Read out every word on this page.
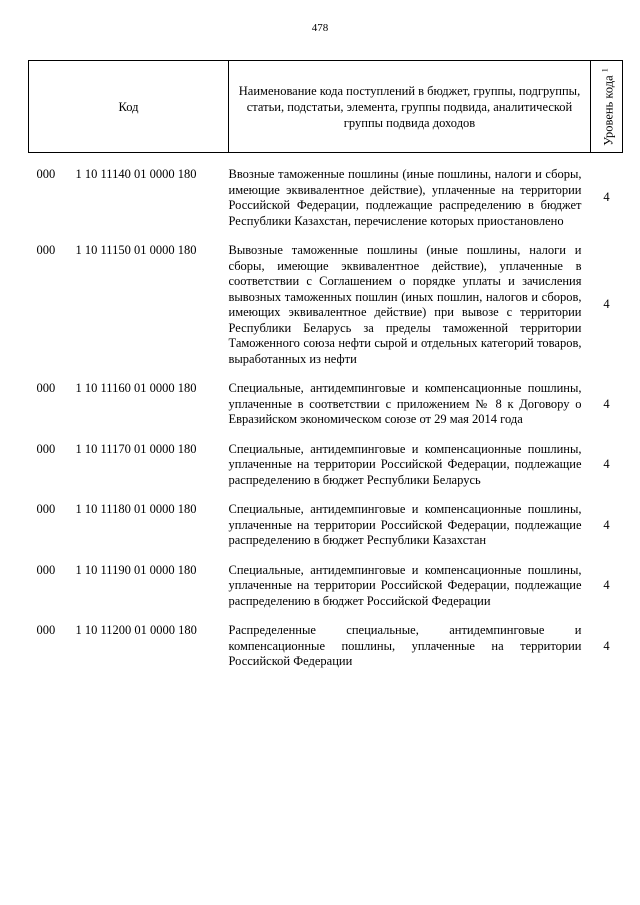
478
Код	Наименование кода поступлений в бюджет, группы, подгруппы, статьи, подстатьи, элемента, группы подвида, аналитической группы подвида доходов	Уровень кода $^1$

000 1 10 11140 01 0000 180	Ввозные таможенные пошлины (иные пошлины, налоги и сборы, имеющие эквивалентное действие), уплаченные на территории Российской Федерации, подлежащие распределению в бюджет Республики Казахстан, перечисление которых приостановлено	4

000 1 10 11150 01 0000 180	Вывозные таможенные пошлины (иные пошлины, налоги и сборы, имеющие эквивалентное действие), уплаченные в соответствии с Соглашением о порядке уплаты и зачисления вывозных таможенных пошлин (иных пошлин, налогов и сборов, имеющих эквивалентное действие) при вывозе с территории Республики Беларусь за пределы таможенной территории Таможенного союза нефти сырой и отдельных категорий товаров, выработанных из нефти	4

000 1 10 11160 01 0000 180	Специальные, антидемпинговые и компенсационные пошлины, уплаченные в соответствии с приложением № 8 к Договору о Евразийском экономическом союзе от 29 мая 2014 года	4

000 1 10 11170 01 0000 180	Специальные, антидемпинговые и компенсационные пошлины, уплаченные на территории Российской Федерации, подлежащие распределению в бюджет Республики Беларусь	4

000 1 10 11180 01 0000 180	Специальные, антидемпинговые и компенсационные пошлины, уплаченные на территории Российской Федерации, подлежащие распределению в бюджет Республики Казахстан	4

000 1 10 11190 01 0000 180	Специальные, антидемпинговые и компенсационные пошлины, уплаченные на территории Российской Федерации, подлежащие распределению в бюджет Российской Федерации	4

000 1 10 11200 01 0000 180	Распределенные специальные, антидемпинговые и компенсационные пошлины, уплаченные на территории Российской Федерации	4
